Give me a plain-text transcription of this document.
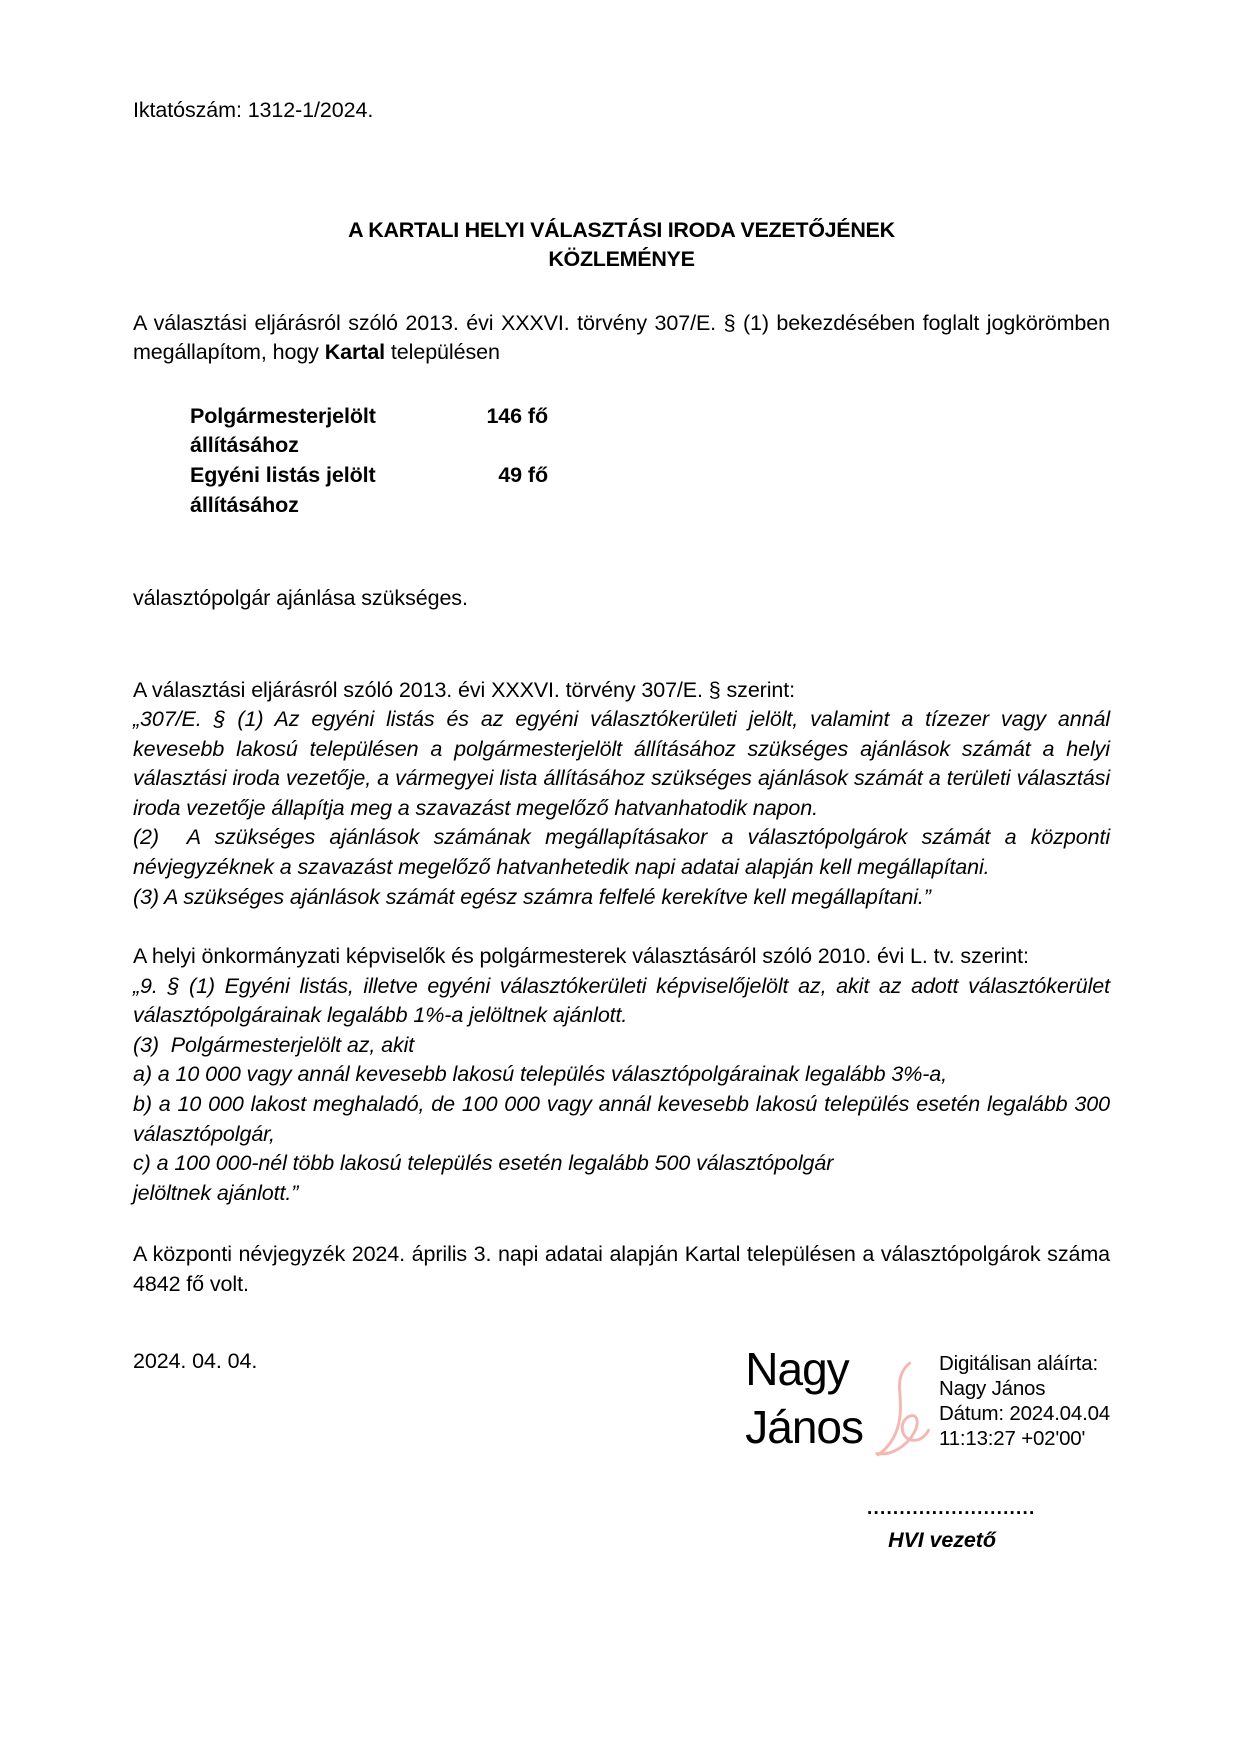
Iktatószám: 1312-1/2024.

A KARTALI HELYI VÁLASZTÁSI IRODA VEZETŐJÉNEK
KÖZLEMÉNYE

A választási eljárásról szóló 2013. évi XXXVI. törvény 307/E. § (1) bekezdésében foglalt jogkörömben megállapítom, hogy Kartal településen

Polgármesterjelölt állításához
146 fő
Egyéni listás jelölt állításához
49 fő

választópolgár ajánlása szükséges.

A választási eljárásról szóló 2013. évi XXXVI. törvény 307/E. § szerint:

„307/E. § (1) Az egyéni listás és az egyéni választókerületi jelölt, valamint a tízezer vagy annál kevesebb lakosú településen a polgármesterjelölt állításához szükséges ajánlások számát a helyi választási iroda vezetője, a vármegyei lista állításához szükséges ajánlások számát a területi választási iroda vezetője állapítja meg a szavazást megelőző hatvanhatodik napon.

(2)  A szükséges ajánlások számának megállapításakor a választópolgárok számát a központi névjegyzéknek a szavazást megelőző hatvanhetedik napi adatai alapján kell megállapítani.

(3) A szükséges ajánlások számát egész számra felfelé kerekítve kell megállapítani.”

A helyi önkormányzati képviselők és polgármesterek választásáról szóló 2010. évi L. tv. szerint:

„9. § (1) Egyéni listás, illetve egyéni választókerületi képviselőjelölt az, akit az adott választókerület választópolgárainak legalább 1%-a jelöltnek ajánlott.

(3)  Polgármesterjelölt az, akit

a) a 10 000 vagy annál kevesebb lakosú település választópolgárainak legalább 3%-a,

b) a 10 000 lakost meghaladó, de 100 000 vagy annál kevesebb lakosú település esetén legalább 300 választópolgár,

c) a 100 000-nél több lakosú település esetén legalább 500 választópolgár

jelöltnek ajánlott.”

A központi névjegyzék 2024. április 3. napi adatai alapján Kartal településen a választópolgárok száma 4842 fő volt.

2024. 04. 04.	Nagy
János
Digitálisan aláírta:
Nagy János
Dátum: 2024.04.04
11:13:27 +02'00'
..........................
HVI vezető
